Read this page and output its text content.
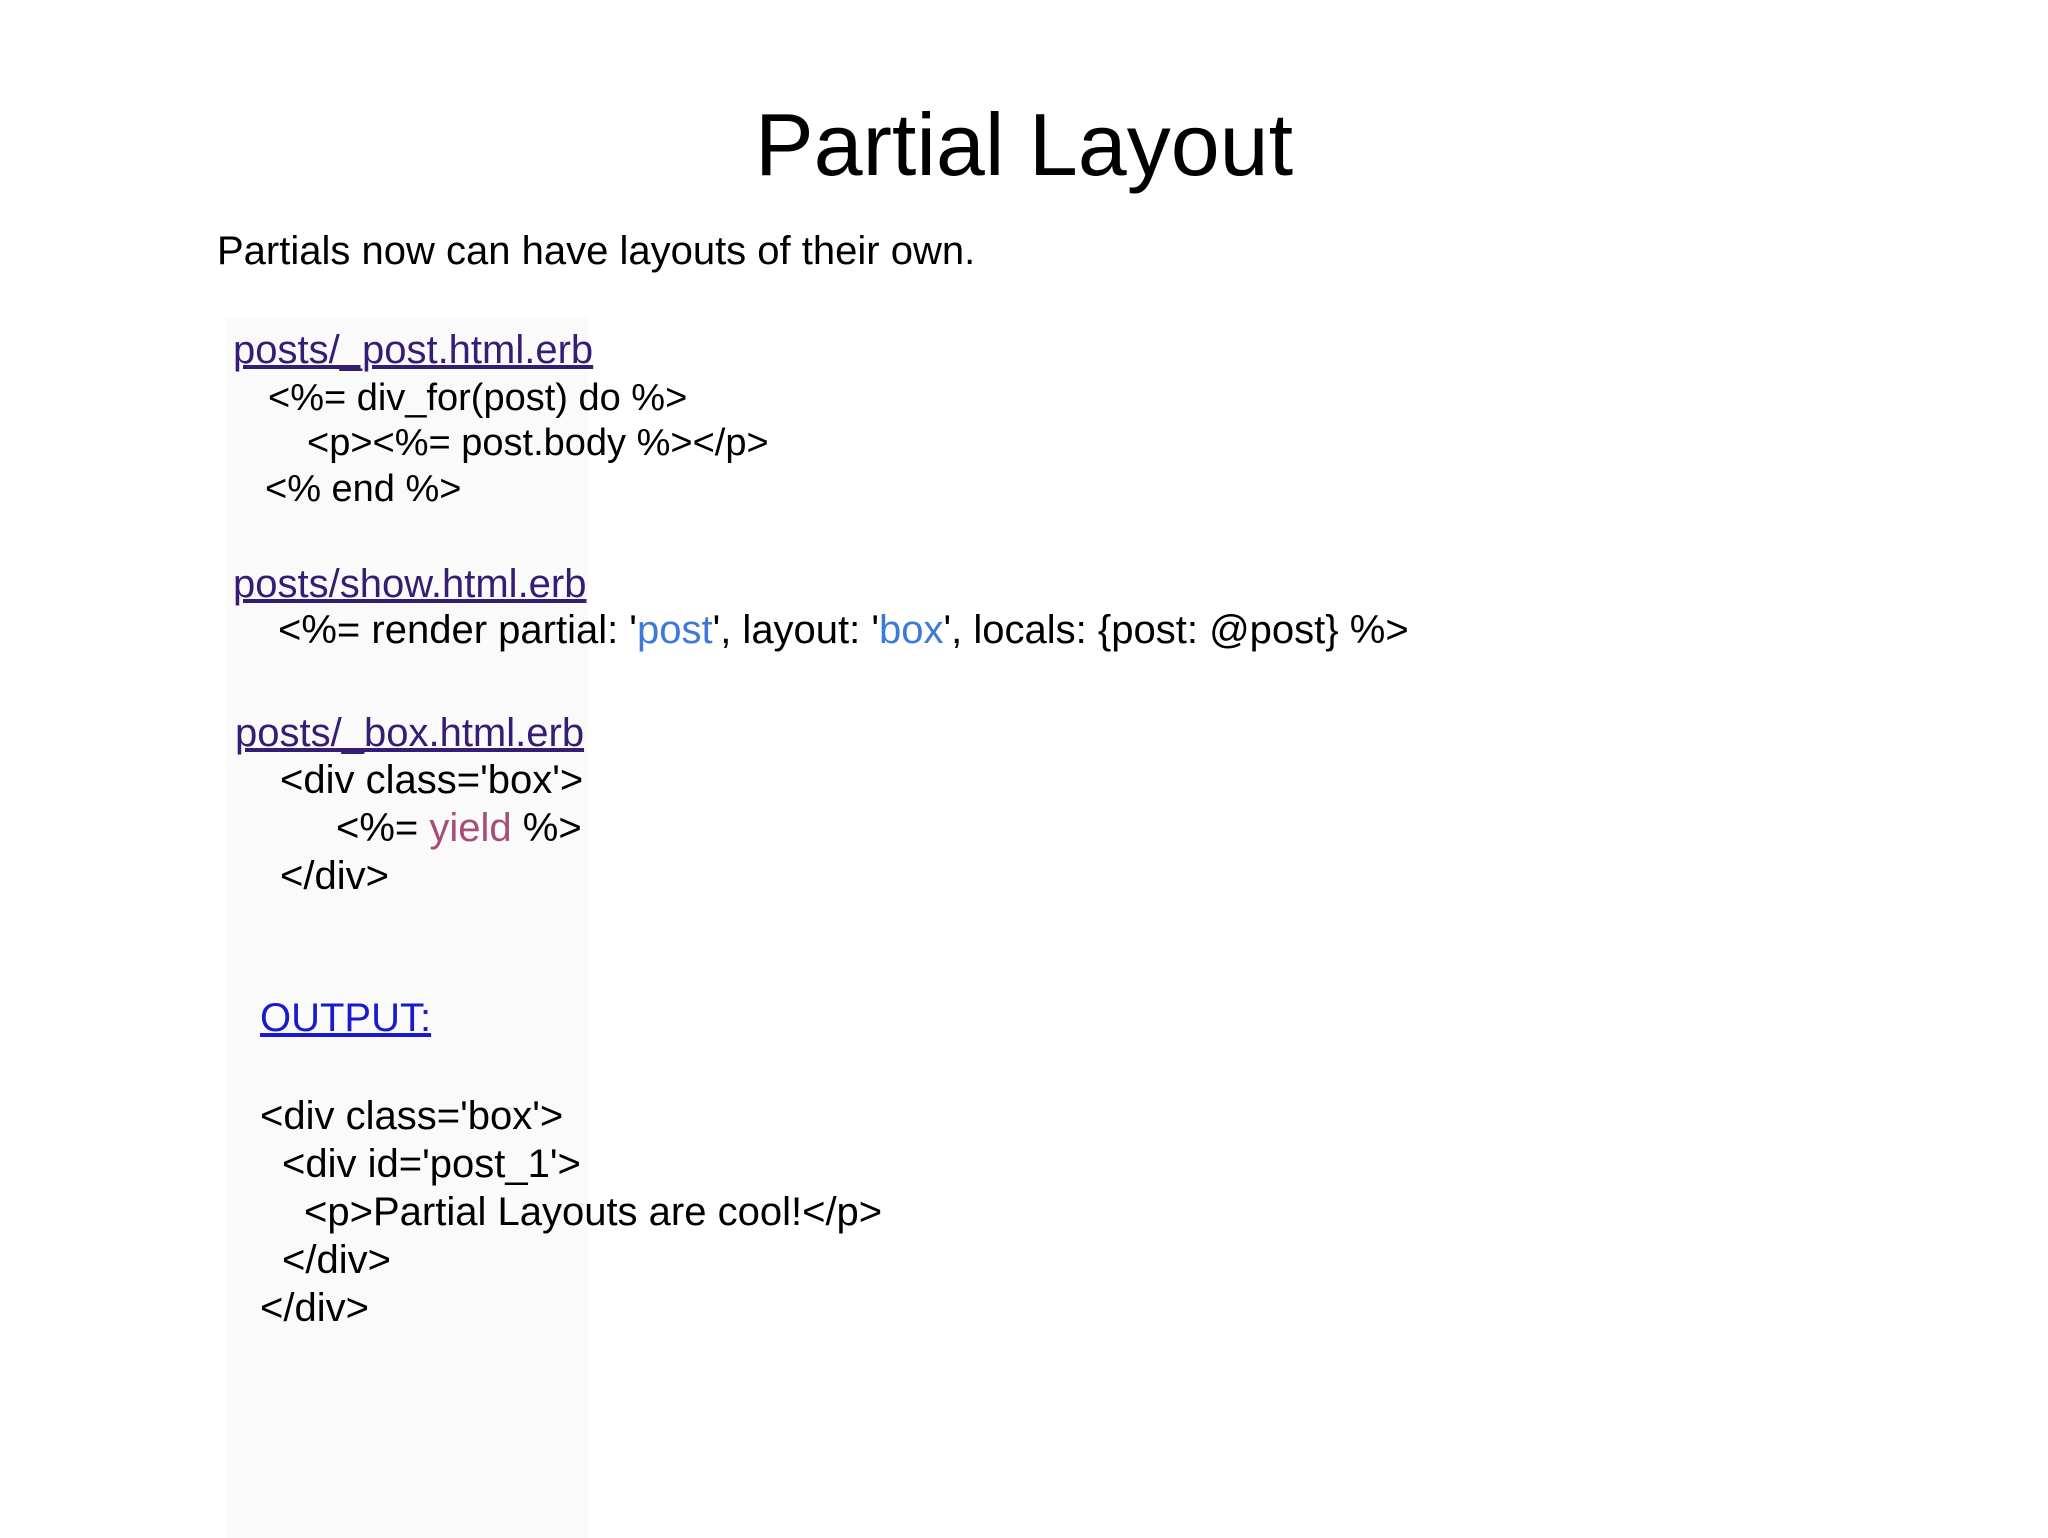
Partial Layout
Partials now can have layouts of their own.
posts/_post.html.erb
<%= div_for(post) do %>
<p><%= post.body %></p>
<% end %>
posts/show.html.erb
<%= render partial: 'post', layout: 'box', locals: {post: @post} %>
posts/_box.html.erb
<div class='box'>
<%= yield %>
</div>
OUTPUT:
<div class='box'>
<div id='post_1'>
<p>Partial Layouts are cool!</p>
</div>
</div>
